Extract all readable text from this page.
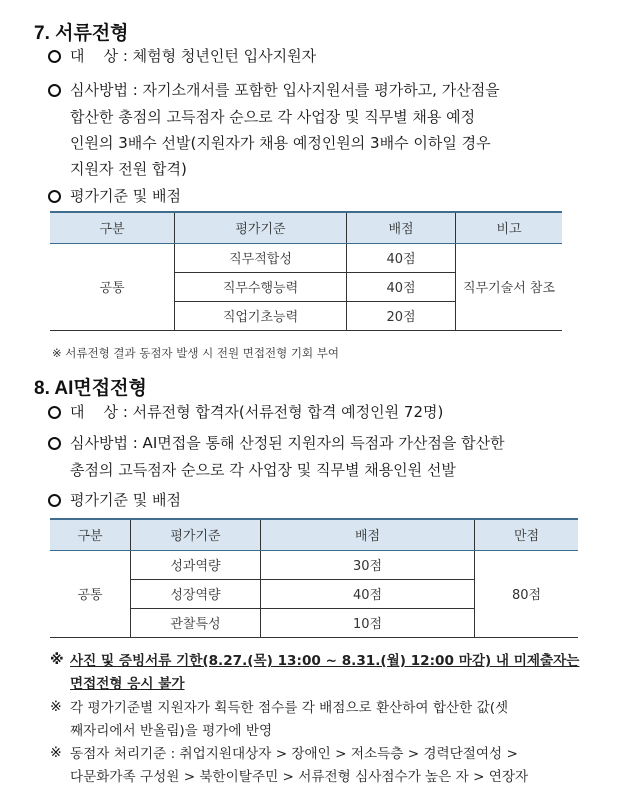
7. 서류전형
대    상 : 체험형 청년인턴 입사지원자
심사방법 : 자기소개서를 포함한 입사지원서를 평가하고, 가산점을
합산한 총점의 고득점자 순으로 각 사업장 및 직무별 채용 예정
인원의 3배수 선발(지원자가 채용 예정인원의 3배수 이하일 경우
지원자 전원 합격)
평가기준 및 배점
구분	평가기준	배점	비고
공통	직무적합성	40점	직무기술서 참조
	직무수행능력	40점	
	직업기초능력	20점	
※ 서류전형 결과 동점자 발생 시 전원 면접전형 기회 부여
8. AI면접전형
대    상 : 서류전형 합격자(서류전형 합격 예정인원 72명)
심사방법 : AI면접을 통해 산정된 지원자의 득점과 가산점을 합산한
총점의 고득점자 순으로 각 사업장 및 직무별 채용인원 선발
평가기준 및 배점
구분	평가기준	배점	만점
공통	성과역량	30점	80점
	성장역량	40점	
	관찰특성	10점	
※ 사진 및 증빙서류 기한(8.27.(목) 13:00 ~ 8.31.(월) 12:00 마감) 내 미제출자는
면접전형 응시 불가
※ 각 평가기준별 지원자가 획득한 점수를 각 배점으로 환산하여 합산한 값(셋
째자리에서 반올림)을 평가에 반영
※ 동점자 처리기준 : 취업지원대상자 > 장애인 > 저소득층 > 경력단절여성 >
다문화가족 구성원 > 북한이탈주민 > 서류전형 심사점수가 높은 자 > 연장자
